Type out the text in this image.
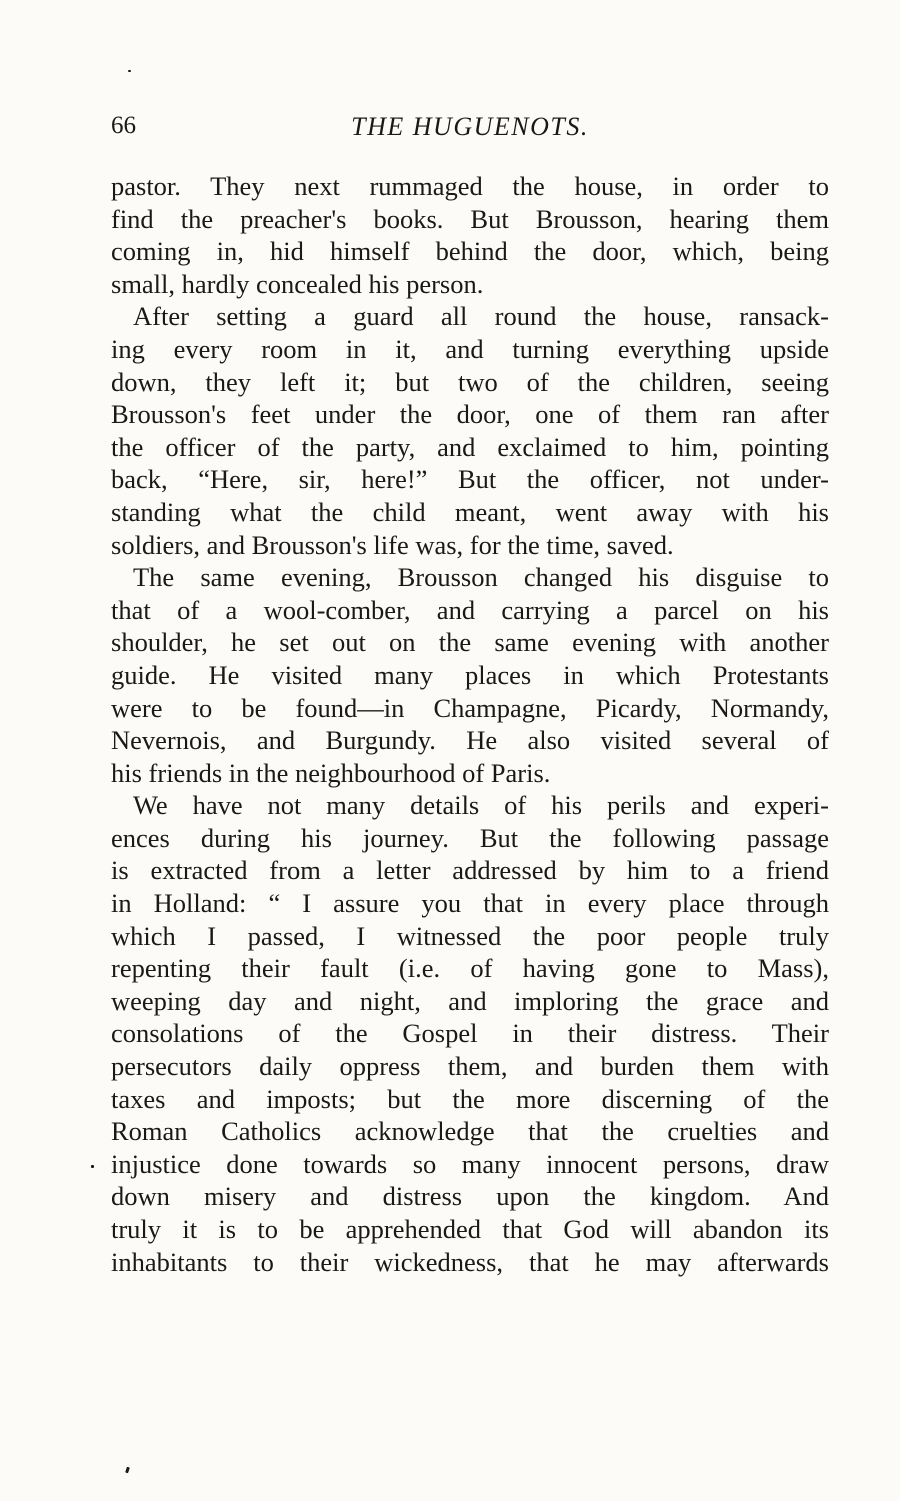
66	THE HUGUENOTS.
pastor. They next rummaged the house, in order to
find the preacher's books. But Brousson, hearing them
coming in, hid himself behind the door, which, being
small, hardly concealed his person.
After setting a guard all round the house, ransack-
ing every room in it, and turning everything upside
down, they left it; but two of the children, seeing
Brousson's feet under the door, one of them ran after
the officer of the party, and exclaimed to him, pointing
back, “Here, sir, here!” But the officer, not under-
standing what the child meant, went away with his
soldiers, and Brousson's life was, for the time, saved.
The same evening, Brousson changed his disguise to
that of a wool-comber, and carrying a parcel on his
shoulder, he set out on the same evening with another
guide. He visited many places in which Protestants
were to be found—in Champagne, Picardy, Normandy,
Nevernois, and Burgundy. He also visited several of
his friends in the neighbourhood of Paris.
We have not many details of his perils and experi-
ences during his journey. But the following passage
is extracted from a letter addressed by him to a friend
in Holland: “ I assure you that in every place through
which I passed, I witnessed the poor people truly
repenting their fault (i.e. of having gone to Mass),
weeping day and night, and imploring the grace and
consolations of the Gospel in their distress. Their
persecutors daily oppress them, and burden them with
taxes and imposts; but the more discerning of the
Roman Catholics acknowledge that the cruelties and
injustice done towards so many innocent persons, draw
down misery and distress upon the kingdom. And
truly it is to be apprehended that God will abandon its
inhabitants to their wickedness, that he may afterwards
